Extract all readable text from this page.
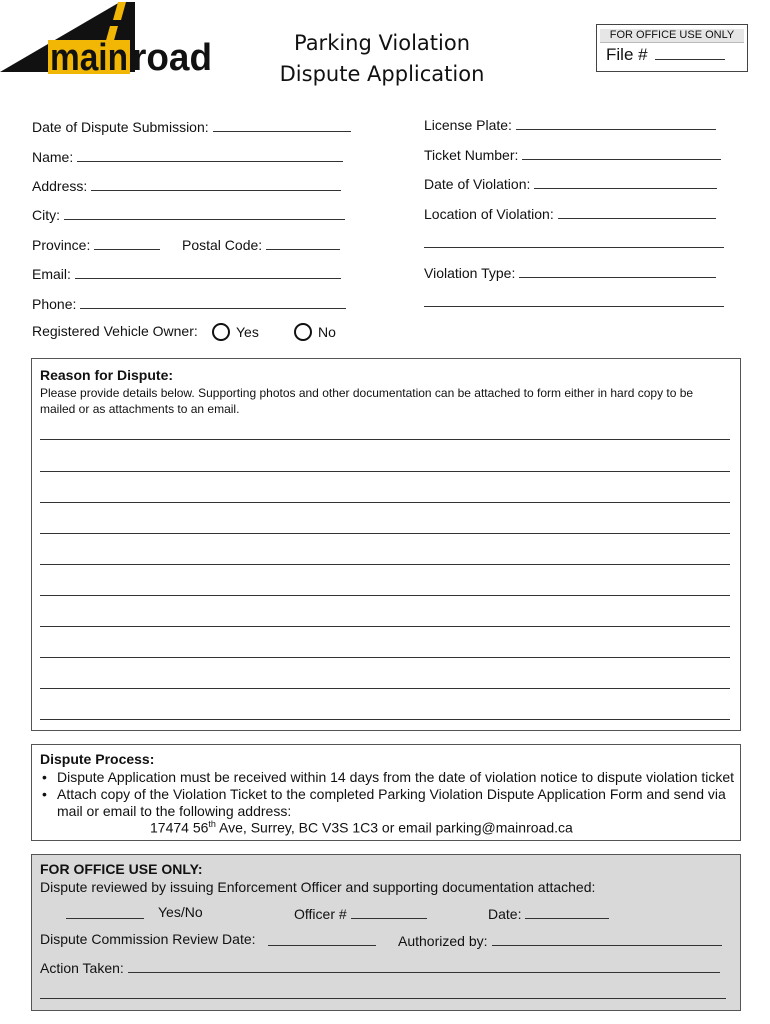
main road	Parking Violation
Dispute Application
FOR OFFICE USE ONLY
File #
Date of Dispute Submission:
Name:
Address:
City:
Province:	Postal Code:
Email:
Phone:
Registered Vehicle Owner:	Yes	No
License Plate:
Ticket Number:
Date of Violation:
Location of Violation:
Violation Type:
Reason for Dispute:
Please provide details below. Supporting photos and other documentation can be attached to form either in hard copy to be mailed or as attachments to an email.
Dispute Process:
• Dispute Application must be received within 14 days from the date of violation notice to dispute violation ticket
• Attach copy of the Violation Ticket to the completed Parking Violation Dispute Application Form and send via mail or email to the following address:
17474 56th Ave, Surrey, BC V3S 1C3 or email parking@mainroad.ca
FOR OFFICE USE ONLY:
Dispute reviewed by issuing Enforcement Officer and supporting documentation attached:
Yes/No	Officer #	Date:
Dispute Commission Review Date:	Authorized by:
Action Taken:
